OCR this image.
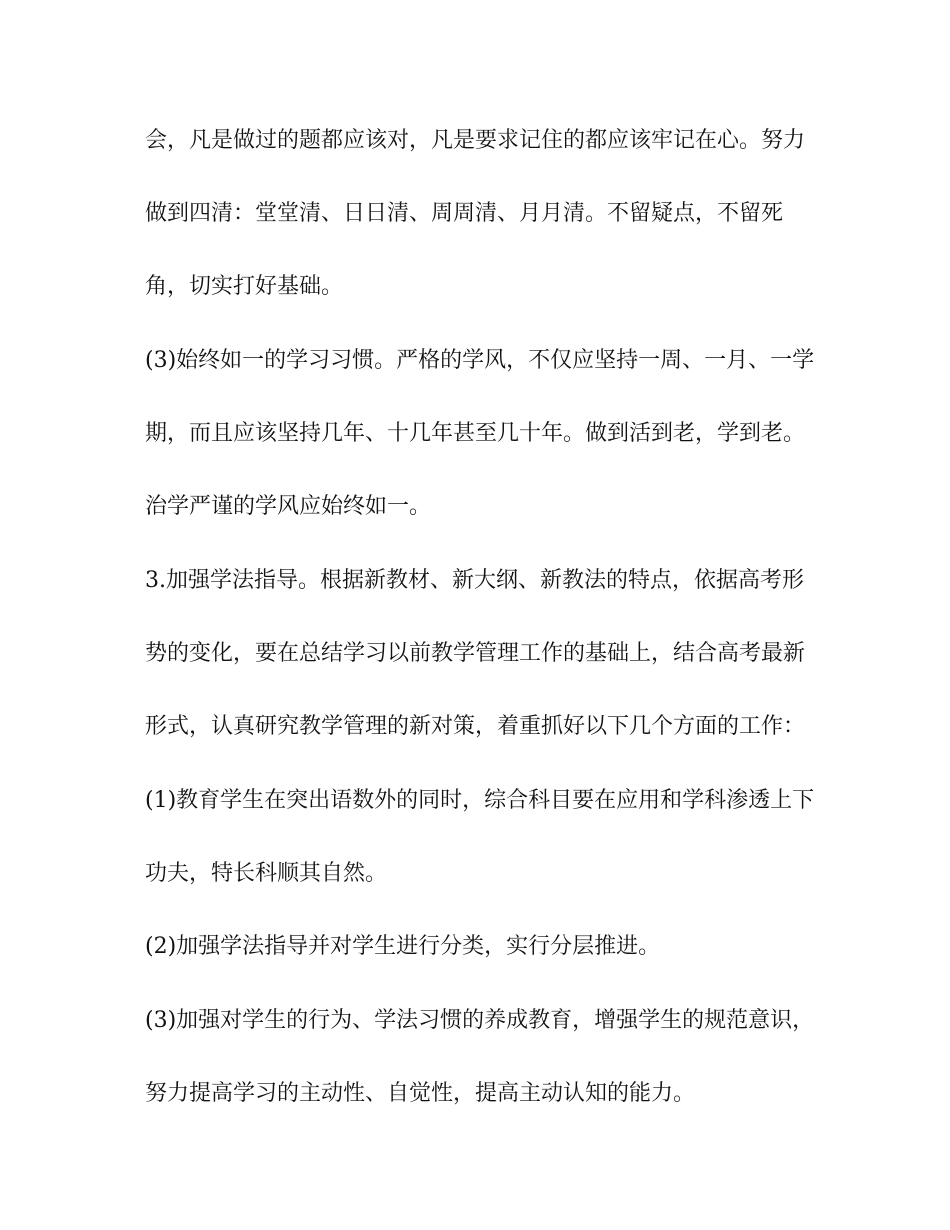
会，凡是做过的题都应该对，凡是要求记住的都应该牢记在心。努力
做到四清：堂堂清、日日清、周周清、月月清。不留疑点，不留死
角，切实打好基础。
(3)始终如一的学习习惯。严格的学风，不仅应坚持一周、一月、一学
期，而且应该坚持几年、十几年甚至几十年。做到活到老，学到老。
治学严谨的学风应始终如一。
3.加强学法指导。根据新教材、新大纲、新教法的特点，依据高考形
势的变化，要在总结学习以前教学管理工作的基础上，结合高考最新
形式，认真研究教学管理的新对策，着重抓好以下几个方面的工作：
(1)教育学生在突出语数外的同时，综合科目要在应用和学科渗透上下
功夫，特长科顺其自然。
(2)加强学法指导并对学生进行分类，实行分层推进。
(3)加强对学生的行为、学法习惯的养成教育，增强学生的规范意识，
努力提高学习的主动性、自觉性，提高主动认知的能力。
